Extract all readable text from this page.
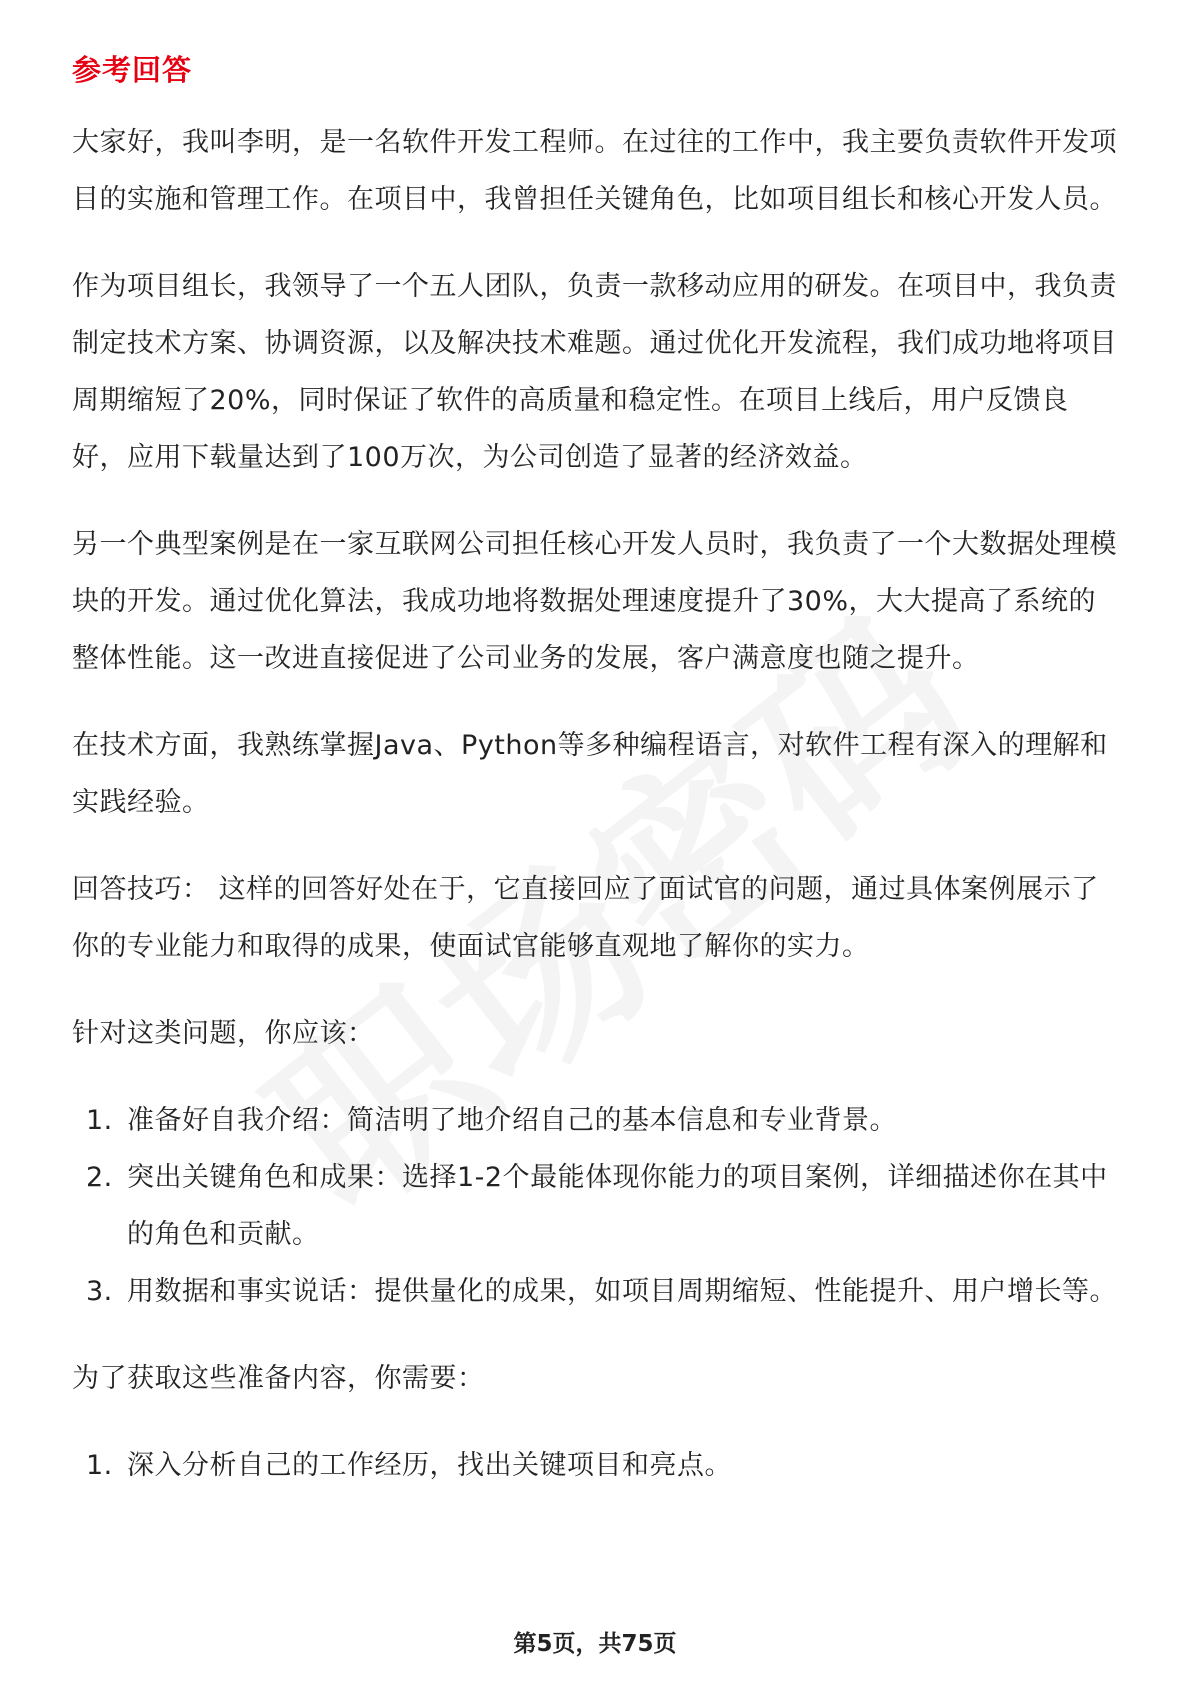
参考回答

大家好，我叫李明，是一名软件开发工程师。在过往的工作中，我主要负责软件开发项目的实施和管理工作。在项目中，我曾担任关键角色，比如项目组长和核心开发人员。

作为项目组长，我领导了一个五人团队，负责一款移动应用的研发。在项目中，我负责制定技术方案、协调资源，以及解决技术难题。通过优化开发流程，我们成功地将项目周期缩短了20%，同时保证了软件的高质量和稳定性。在项目上线后，用户反馈良好，应用下载量达到了100万次，为公司创造了显著的经济效益。

另一个典型案例是在一家互联网公司担任核心开发人员时，我负责了一个大数据处理模块的开发。通过优化算法，我成功地将数据处理速度提升了30%，大大提高了系统的整体性能。这一改进直接促进了公司业务的发展，客户满意度也随之提升。

在技术方面，我熟练掌握Java、Python等多种编程语言，对软件工程有深入的理解和实践经验。

回答技巧： 这样的回答好处在于，它直接回应了面试官的问题，通过具体案例展示了你的专业能力和取得的成果，使面试官能够直观地了解你的实力。

针对这类问题，你应该：

1. 准备好自我介绍：简洁明了地介绍自己的基本信息和专业背景。
2. 突出关键角色和成果：选择1-2个最能体现你能力的项目案例，详细描述你在其中的角色和贡献。
3. 用数据和事实说话：提供量化的成果，如项目周期缩短、性能提升、用户增长等。

为了获取这些准备内容，你需要：

1. 深入分析自己的工作经历，找出关键项目和亮点。
第5页，共75页
